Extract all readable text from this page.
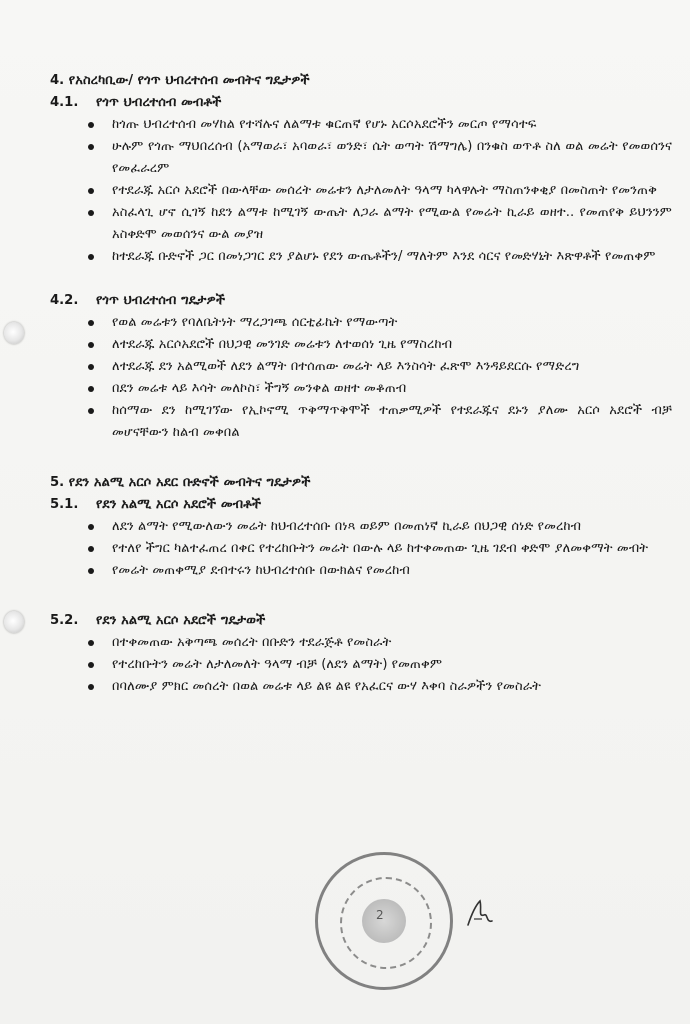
4. የአስረካቢው/ የጎጥ ህብረተሰብ መብትና ግዴታዎች
4.1.	የጎጥ ህብረተሰብ መብቶች
ከጎጡ ህብረተሰብ መሃከል የተሻሉና ለልማቱ ቁርጠኛ የሆኑ አርሶአደሮችን መርጦ የማሳተፍ
ሁሉም የጎጡ ማህበረሰብ (አማወራ፣ አባወራ፣ ወንድ፣ ሴት ወጣት ሽማግሌ) በንቁስ ወጥቶ ስለ ወል መሬት የመወሰንና የመፈራረም
የተደራጁ አርሶ አደሮች በውላቸው መሰረት መሬቱን ለታለመለት ዓላማ ካላዋሉት ማስጠንቀቂያ በመስጠት የመንጠቅ
አስፈላጊ ሆኖ ሲገኝ ከደን ልማቱ ከሚገኝ ውጤት ለጋራ ልማት የሚውል የመሬት ኪራይ ወዘተ.. የመጠየቅ ይህንንም አስቀድሞ መወሰንና ውል መያዝ
ከተደራጁ ቡድኖች ጋር በመነጋገር ደን ያልሆኑ የደን ውጤቶችን/ ማለትም እንደ ሳርና የመድሃኒት እጽዋቶች የመጠቀም
4.2.	የጎጥ ህብረተሰብ ግዴታዎች
የወል መሬቱን የባለቤትነት ማረጋገጫ ሰርቲፊኬት የማውጣት
ለተደራጁ አርሶአደሮች በህጋዊ መንገድ መሬቱን ለተወሰነ ጊዜ የማስረከብ
ለተደራጁ ደን አልሚወች ለደን ልማት በተሰጠው መሬት ላይ እንስሳት ፈጽሞ እንዳይደርሱ የማድረግ
በደን መሬቱ ላይ እሳት መለኮስ፣ ችግኝ መንቀል ወዘተ መቆጠብ
ከሰማው ደን ከሚገኘው የኢኮኖሚ ጥቅማጥቅሞች ተጠቃሚዎች የተደራጁና ደኑን ያለሙ አርሶ አደሮች ብቻ መሆናቸውን ከልብ መቀበል
5. የደን አልሚ አርሶ አደር ቡድኖች መብትና ግዴታዎች
5.1.	የደን አልሚ አርሶ አደሮች መብቶች
ለደን ልማት የሚውለውን መሬት ከህብረተሰቡ በነጻ ወይም በመጠነኛ ኪራይ በህጋዊ ሰነድ የመረከብ
የተለየ ችግር ካልተፈጠረ በቀር የተረከቡትን መሬት በውሉ ላይ ከተቀመጠው ጊዜ ገደብ ቀድሞ ያለመቀማት መብት
የመሬት መጠቀሚያ ደብተሩን ከህብረተሰቡ በውክልና የመረከብ
5.2.	የደን አልሚ አርሶ አደሮች ግዴታወች
በተቀመጠው አቅጣጫ መሰረት በቡድን ተደራጅቶ የመስራት
የተረከቡትን መሬት ለታለመለት ዓላማ ብቻ (ለደን ልማት) የመጠቀም
በባለሙያ ምክር መሰረት በወል መሬቱ ላይ ልዩ ልዩ የአፈርና ውሃ እቀባ ስራዎችን የመስራት
2
